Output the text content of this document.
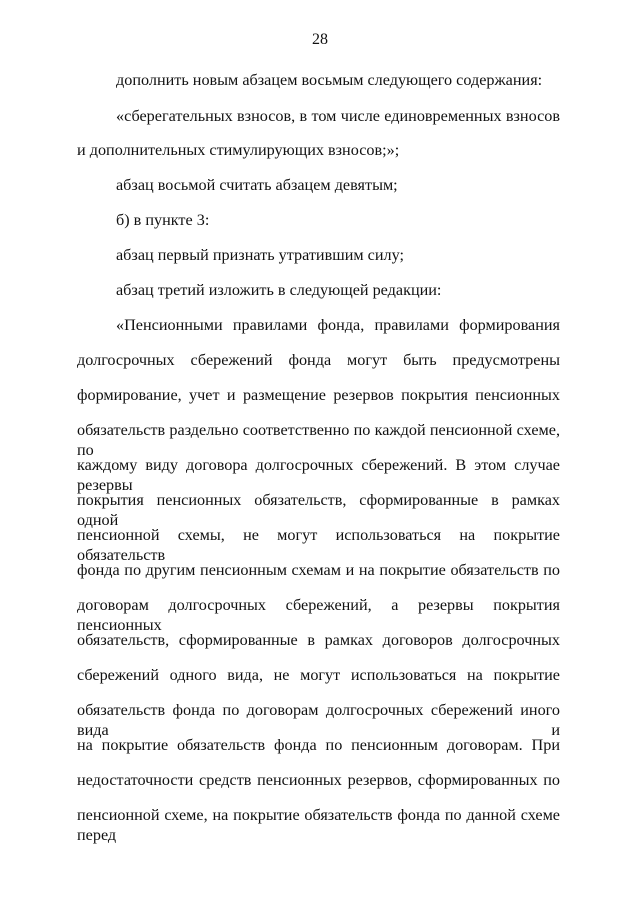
28
дополнить новым абзацем восьмым следующего содержания:
«сберегательных взносов, в том числе единовременных взносов
и дополнительных стимулирующих взносов;»;
абзац восьмой считать абзацем девятым;
б) в пункте 3:
абзац первый признать утратившим силу;
абзац третий изложить в следующей редакции:
«Пенсионными правилами фонда, правилами формирования
долгосрочных сбережений фонда могут быть предусмотрены
формирование, учет и размещение резервов покрытия пенсионных
обязательств раздельно соответственно по каждой пенсионной схеме, по
каждому виду договора долгосрочных сбережений. В этом случае резервы
покрытия пенсионных обязательств, сформированные в рамках одной
пенсионной схемы, не могут использоваться на покрытие обязательств
фонда по другим пенсионным схемам и на покрытие обязательств по
договорам долгосрочных сбережений, а резервы покрытия пенсионных
обязательств, сформированные в рамках договоров долгосрочных
сбережений одного вида, не могут использоваться на покрытие
обязательств фонда по договорам долгосрочных сбережений иного вида и
на покрытие обязательств фонда по пенсионным договорам. При
недостаточности средств пенсионных резервов, сформированных по
пенсионной схеме, на покрытие обязательств фонда по данной схеме перед
